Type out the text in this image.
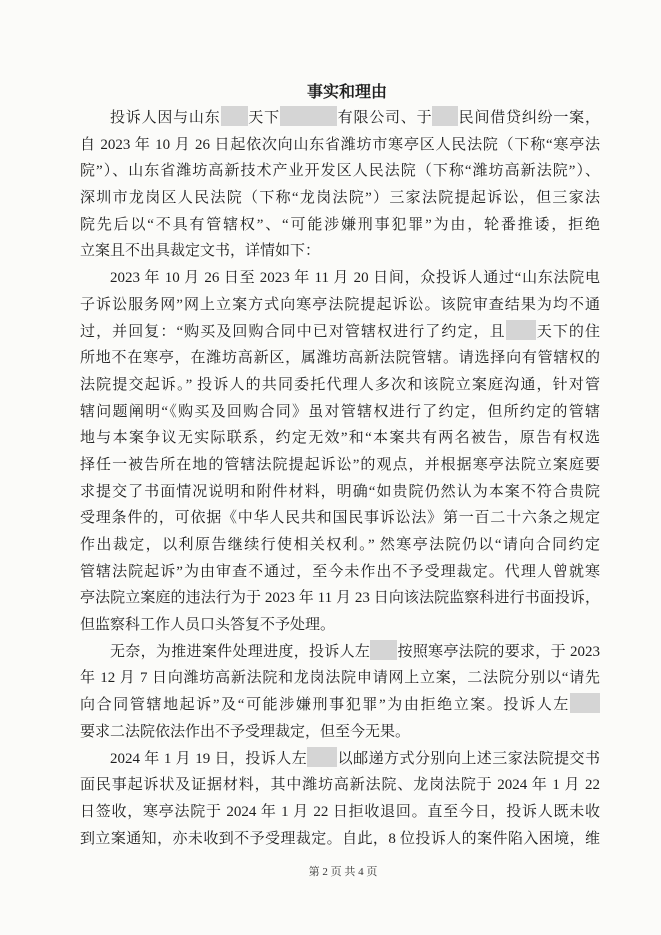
事实和理由
投诉人因与山东 天下	有限公司、于 民间借贷纠纷一案，
自 2023 年 10 月 26 日起依次向山东省潍坊市寒亭区人民法院（下称“寒亭法
院”）、山东省潍坊高新技术产业开发区人民法院（下称“潍坊高新法院”）、
深圳市龙岗区人民法院（下称“龙岗法院”）三家法院提起诉讼，但三家法
院先后以“不具有管辖权”、“可能涉嫌刑事犯罪”为由，轮番推诿，拒绝
立案且不出具裁定文书，详情如下：
2023 年 10 月 26 日至 2023 年 11 月 20 日间，众投诉人通过“山东法院电
子诉讼服务网”网上立案方式向寒亭法院提起诉讼。该院审查结果为均不通
过，并回复：“购买及回购合同中已对管辖权进行了约定，且 天下的住
所地不在寒亭，在潍坊高新区，属潍坊高新法院管辖。请选择向有管辖权的
法院提交起诉。” 投诉人的共同委托代理人多次和该院立案庭沟通，针对管
辖问题阐明“《购买及回购合同》虽对管辖权进行了约定，但所约定的管辖
地与本案争议无实际联系，约定无效”和“本案共有两名被告，原告有权选
择任一被告所在地的管辖法院提起诉讼”的观点，并根据寒亭法院立案庭要
求提交了书面情况说明和附件材料，明确“如贵院仍然认为本案不符合贵院
受理条件的，可依据《中华人民共和国民事诉讼法》第一百二十六条之规定
作出裁定，以利原告继续行使相关权利。” 然寒亭法院仍以“请向合同约定
管辖法院起诉”为由审查不通过，至今未作出不予受理裁定。代理人曾就寒
亭法院立案庭的违法行为于 2023 年 11 月 23 日向该法院监察科进行书面投诉，
但监察科工作人员口头答复不予处理。
无奈，为推进案件处理进度，投诉人左 按照寒亭法院的要求，于 2023
年 12 月 7 日向潍坊高新法院和龙岗法院申请网上立案，二法院分别以“请先
向合同管辖地起诉”及“可能涉嫌刑事犯罪”为由拒绝立案。投诉人左
要求二法院依法作出不予受理裁定，但至今无果。
2024 年 1 月 19 日，投诉人左 以邮递方式分别向上述三家法院提交书
面民事起诉状及证据材料，其中潍坊高新法院、龙岗法院于 2024 年 1 月 22
日签收，寒亭法院于 2024 年 1 月 22 日拒收退回。直至今日，投诉人既未收
到立案通知，亦未收到不予受理裁定。自此，8 位投诉人的案件陷入困境，维
第 2 页 共 4 页
